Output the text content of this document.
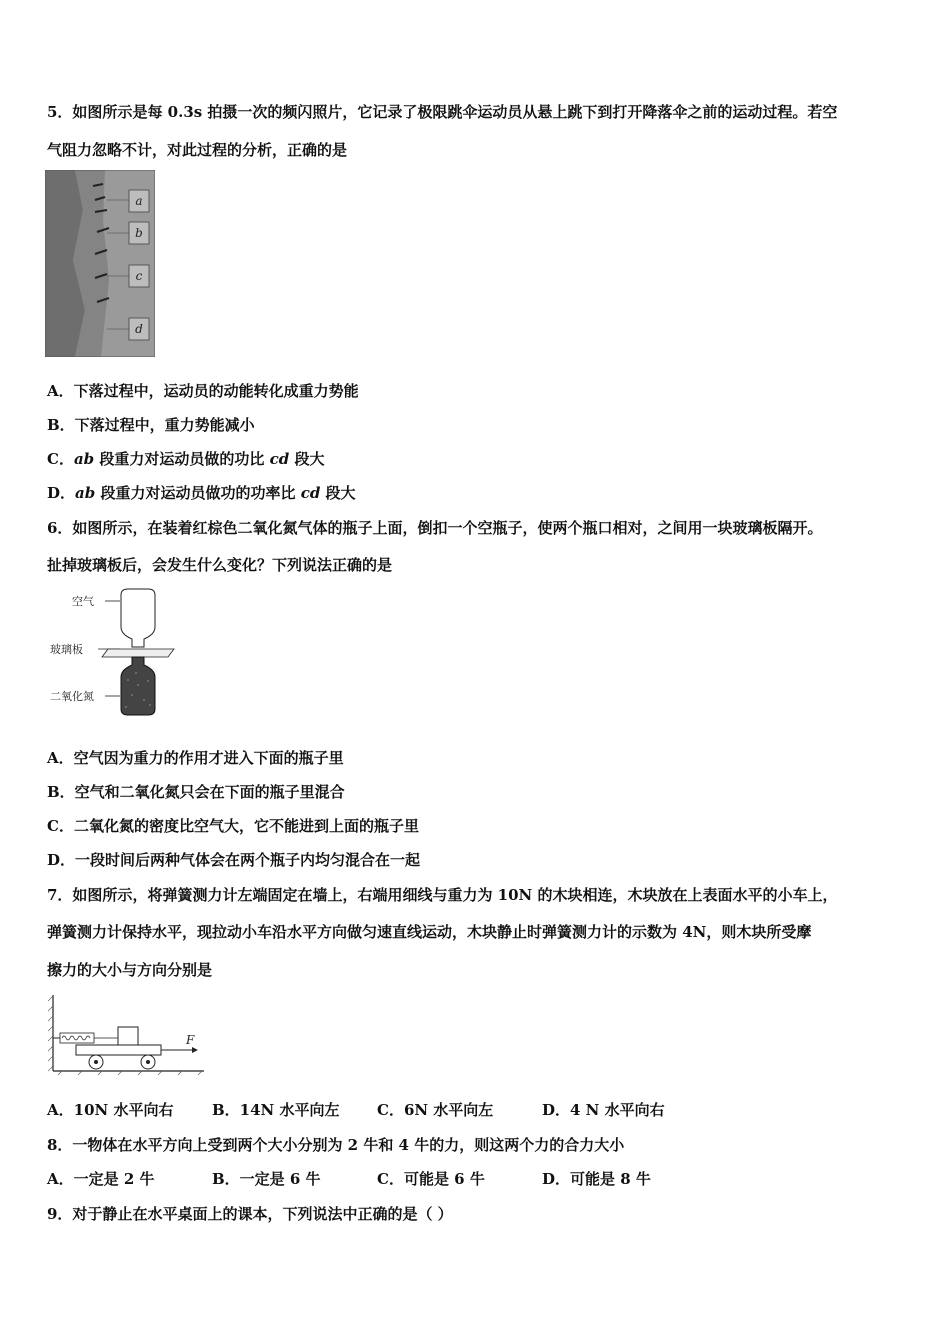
5．如图所示是每 0.3s 拍摄一次的频闪照片，它记录了极限跳伞运动员从悬上跳下到打开降落伞之前的运动过程。若空
气阻力忽略不计，对此过程的分析，正确的是
a
b
c
d
A．下落过程中，运动员的动能转化成重力势能
B．下落过程中，重力势能减小
C．ab 段重力对运动员做的功比 cd 段大
D．ab 段重力对运动员做功的功率比 cd 段大
6．如图所示，在装着红棕色二氧化氮气体的瓶子上面，倒扣一个空瓶子，使两个瓶口相对，之间用一块玻璃板隔开。
扯掉玻璃板后，会发生什么变化？下列说法正确的是
空气
玻璃板
二氧化氮
A．空气因为重力的作用才进入下面的瓶子里
B．空气和二氧化氮只会在下面的瓶子里混合
C．二氧化氮的密度比空气大，它不能进到上面的瓶子里
D．一段时间后两种气体会在两个瓶子内均匀混合在一起
7．如图所示，将弹簧测力计左端固定在墙上，右端用细线与重力为 10N 的木块相连，木块放在上表面水平的小车上，
弹簧测力计保持水平，现拉动小车沿水平方向做匀速直线运动，木块静止时弹簧测力计的示数为 4N，则木块所受摩
擦力的大小与方向分别是
F
A．10N 水平向右	B．14N 水平向左	C．6N 水平向左	D．4 N 水平向右
8．一物体在水平方向上受到两个大小分别为 2 牛和 4 牛的力，则这两个力的合力大小
A．一定是 2 牛	B．一定是 6 牛	C．可能是 6 牛	D．可能是 8 牛
9．对于静止在水平桌面上的课本，下列说法中正确的是（ ）
